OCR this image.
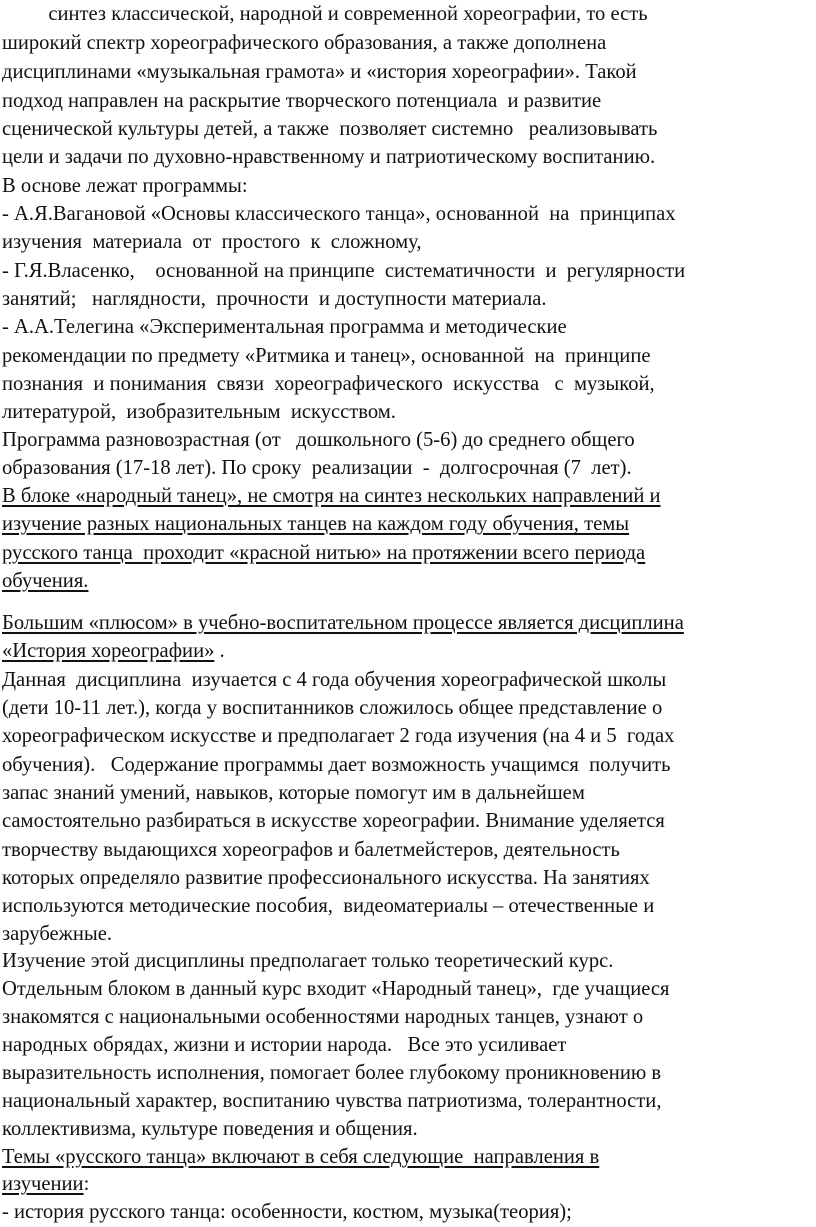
	синтез классической, народной и современной хореографии, то есть
широкий спектр хореографического образования, а также дополнена
дисциплинами «музыкальная грамота» и «история хореографии». Такой
подход направлен на раскрытие творческого потенциала  и развитие
сценической культуры детей, а также  позволяет системно   реализовывать
цели и задачи по духовно-нравственному и патриотическому воспитанию.
В основе лежат программы:
- А.Я.Вагановой «Основы классического танца», основанной  на  принципах
изучения  материала  от  простого  к  сложному,
- Г.Я.Власенко,    основанной на принципе  систематичности  и  регулярности
занятий;   наглядности,  прочности  и доступности материала.
- А.А.Телегина «Экспериментальная программа и методические
рекомендации по предмету «Ритмика и танец», основанной  на  принципе
познания  и понимания  связи  хореографического  искусства   с  музыкой,
литературой,  изобразительным  искусством.
Программа разновозрастная (от   дошкольного (5-6) до среднего общего
образования (17-18 лет). По сроку  реализации  -  долгосрочная (7  лет).
В блоке «народный танец», не смотря на синтез нескольких направлений и
изучение разных национальных танцев на каждом году обучения, темы
русского танца  проходит «красной нитью» на протяжении всего периода
обучения.
Большим «плюсом» в учебно-воспитательном процессе является дисциплина
«История хореографии» .
Данная  дисциплина  изучается с 4 года обучения хореографической школы
(дети 10-11 лет.), когда у воспитанников сложилось общее представление о
хореографическом искусстве и предполагает 2 года изучения (на 4 и 5  годах
обучения).   Содержание программы дает возможность учащимся  получить
запас знаний умений, навыков, которые помогут им в дальнейшем
самостоятельно разбираться в искусстве хореографии. Внимание уделяется
творчеству выдающихся хореографов и балетмейстеров, деятельность
которых определяло развитие профессионального искусства. На занятиях
используются методические пособия,  видеоматериалы – отечественные и
зарубежные.
Изучение этой дисциплины предполагает только теоретический курс.
Отдельным блоком в данный курс входит «Народный танец»,  где учащиеся
знакомятся с национальными особенностями народных танцев, узнают о
народных обрядах, жизни и истории народа.   Все это усиливает
выразительность исполнения, помогает более глубокому проникновению в
национальный характер, воспитанию чувства патриотизма, толерантности,
коллективизма, культуре поведения и общения.
Темы «русского танца» включают в себя следующие  направления в
изучении:
- история русского танца: особенности, костюм, музыка(теория);
